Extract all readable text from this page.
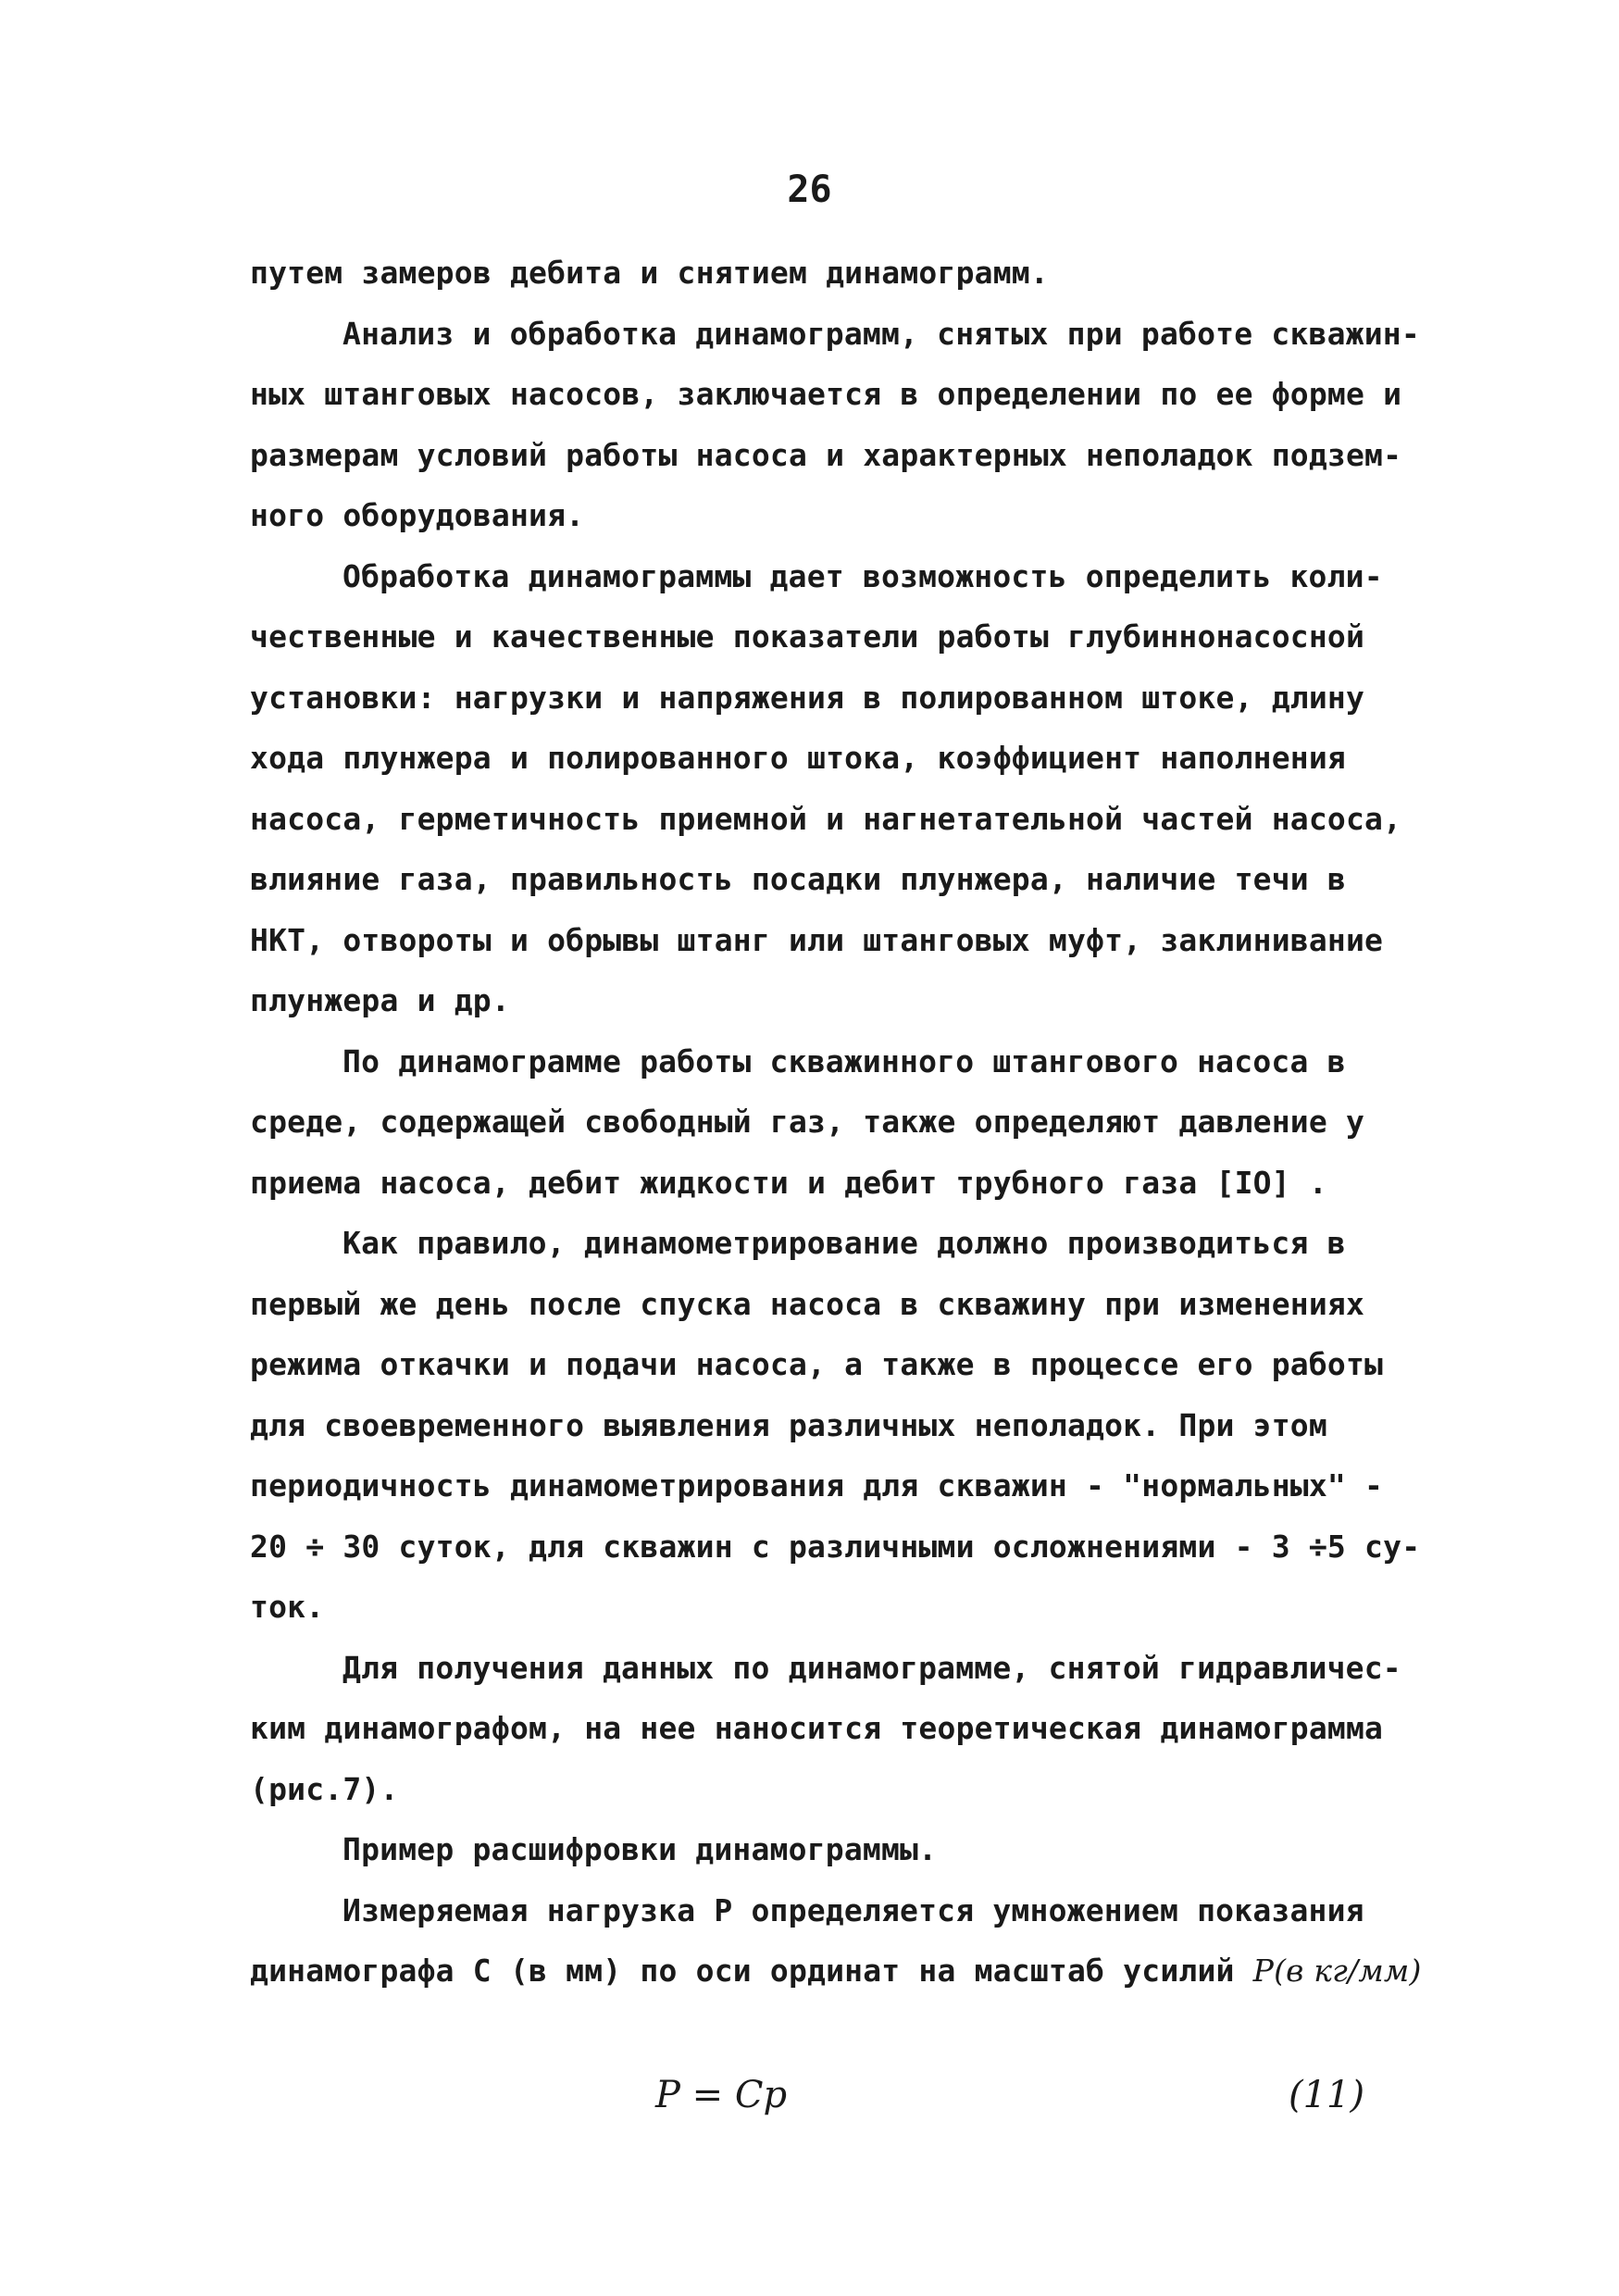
26
путем замеров дебита и снятием динамограмм.
Анализ и обработка динамограмм, снятых при работе скважин-
ных штанговых насосов, заключается в определении по ее форме и
размерам условий работы насоса и характерных неполадок подзем-
ного оборудования.
Обработка динамограммы дает возможность определить коли-
чественные и качественные показатели работы глубиннонасосной
установки: нагрузки и напряжения в полированном штоке, длину
хода плунжера и полированного штока, коэффициент наполнения
насоса, герметичность приемной и нагнетательной частей насоса,
влияние газа, правильность посадки плунжера, наличие течи в
НКТ, отвороты и обрывы штанг или штанговых муфт, заклинивание
плунжера и др.
По динамограмме работы скважинного штангового насоса в
среде, содержащей свободный газ, также определяют давление у
приема насоса, дебит жидкости и дебит трубного газа [IO] .
Как правило, динамометрирование должно производиться в
первый же день после спуска насоса в скважину при изменениях
режима откачки и подачи насоса, а также в процессе его работы
для своевременного выявления различных неполадок. При этом
периодичность динамометрирования для скважин - "нормальных" -
20 ÷ 30 суток, для скважин с различными осложнениями - 3 ÷5 су-
ток.
Для получения данных по динамограмме, снятой гидравличес-
ким динамографом, на нее наносится теоретическая динамограмма
(рис.7).
Пример расшифровки динамограммы.
Измеряемая нагрузка Р определяется умножением показания
динамографа С (в мм) по оси ординат на масштаб усилий P(в кг/мм)
P = Cp	(11)
